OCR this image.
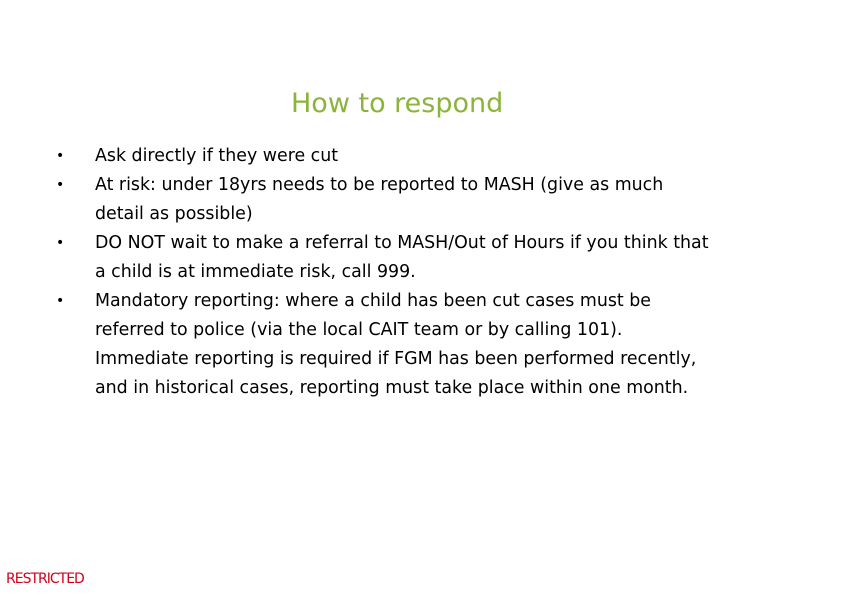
How to respond
• Ask directly if they were cut
• At risk: under 18yrs needs to be reported to MASH (give as much detail as possible)
• DO NOT wait to make a referral to MASH/Out of Hours if you think that a child is at immediate risk, call 999.
• Mandatory reporting: where a child has been cut cases must be referred to police (via the local CAIT team or by calling 101). Immediate reporting is required if FGM has been performed recently, and in historical cases, reporting must take place within one month.
RESTRICTED
